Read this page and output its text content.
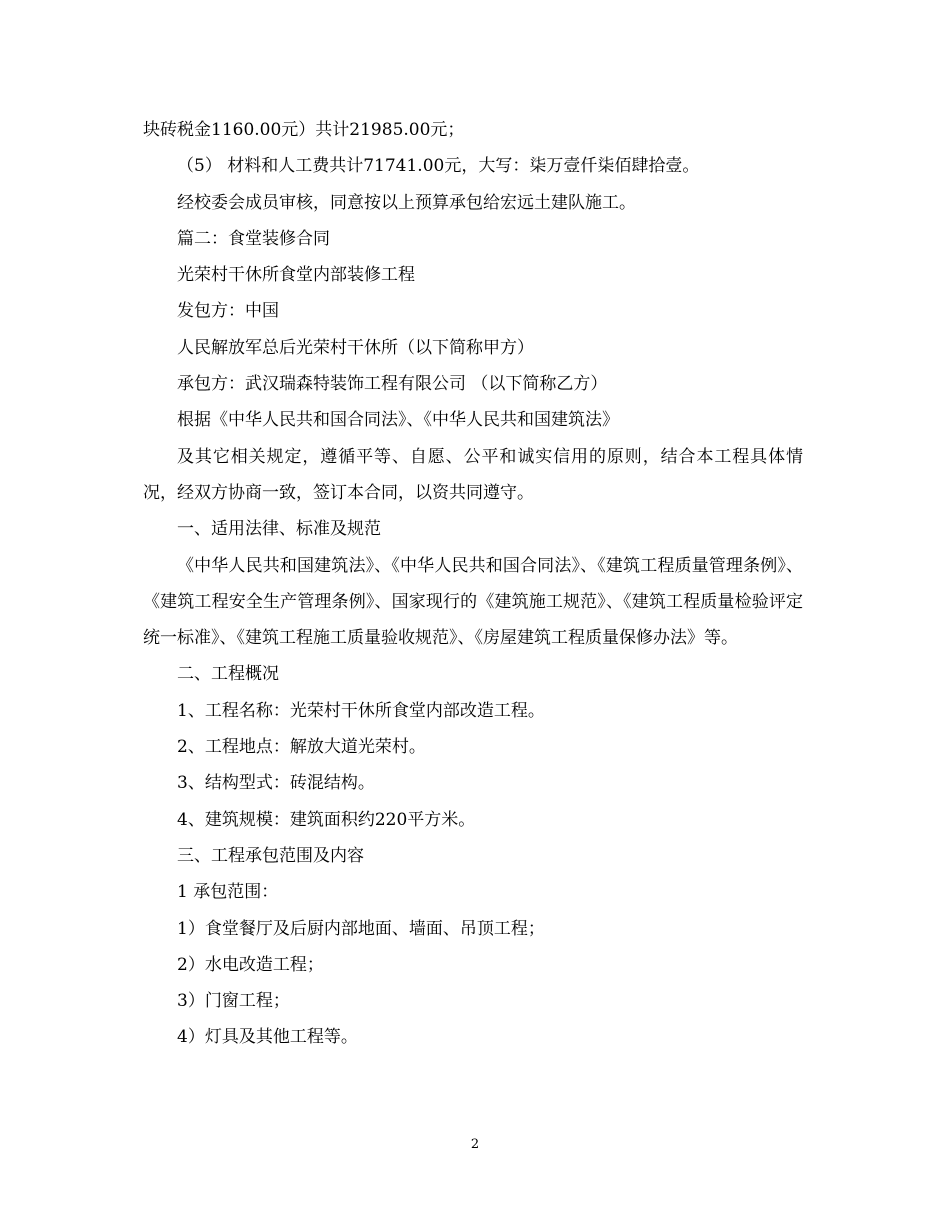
块砖税金1160.00元）共计21985.00元；

（5） 材料和人工费共计71741.00元，大写：柒万壹仟柒佰肆拾壹。

经校委会成员审核，同意按以上预算承包给宏远土建队施工。

篇二：食堂装修合同

光荣村干休所食堂内部装修工程

发包方：中国

人民解放军总后光荣村干休所（以下简称甲方）

承包方：武汉瑞森特装饰工程有限公司 （以下简称乙方）

根据《中华人民共和国合同法》、《中华人民共和国建筑法》

及其它相关规定，遵循平等、自愿、公平和诚实信用的原则，结合本工程具体情况，经双方协商一致，签订本合同，以资共同遵守。

一、适用法律、标准及规范

《中华人民共和国建筑法》、《中华人民共和国合同法》、《建筑工程质量管理条例》、《建筑工程安全生产管理条例》、国家现行的《建筑施工规范》、《建筑工程质量检验评定统一标准》、《建筑工程施工质量验收规范》、《房屋建筑工程质量保修办法》等。

二、工程概况

1、工程名称：光荣村干休所食堂内部改造工程。

2、工程地点：解放大道光荣村。

3、结构型式：砖混结构。

4、建筑规模：建筑面积约220平方米。

三、工程承包范围及内容

1 承包范围：

1）食堂餐厅及后厨内部地面、墙面、吊顶工程；

2）水电改造工程；

3）门窗工程；

4）灯具及其他工程等。

2
